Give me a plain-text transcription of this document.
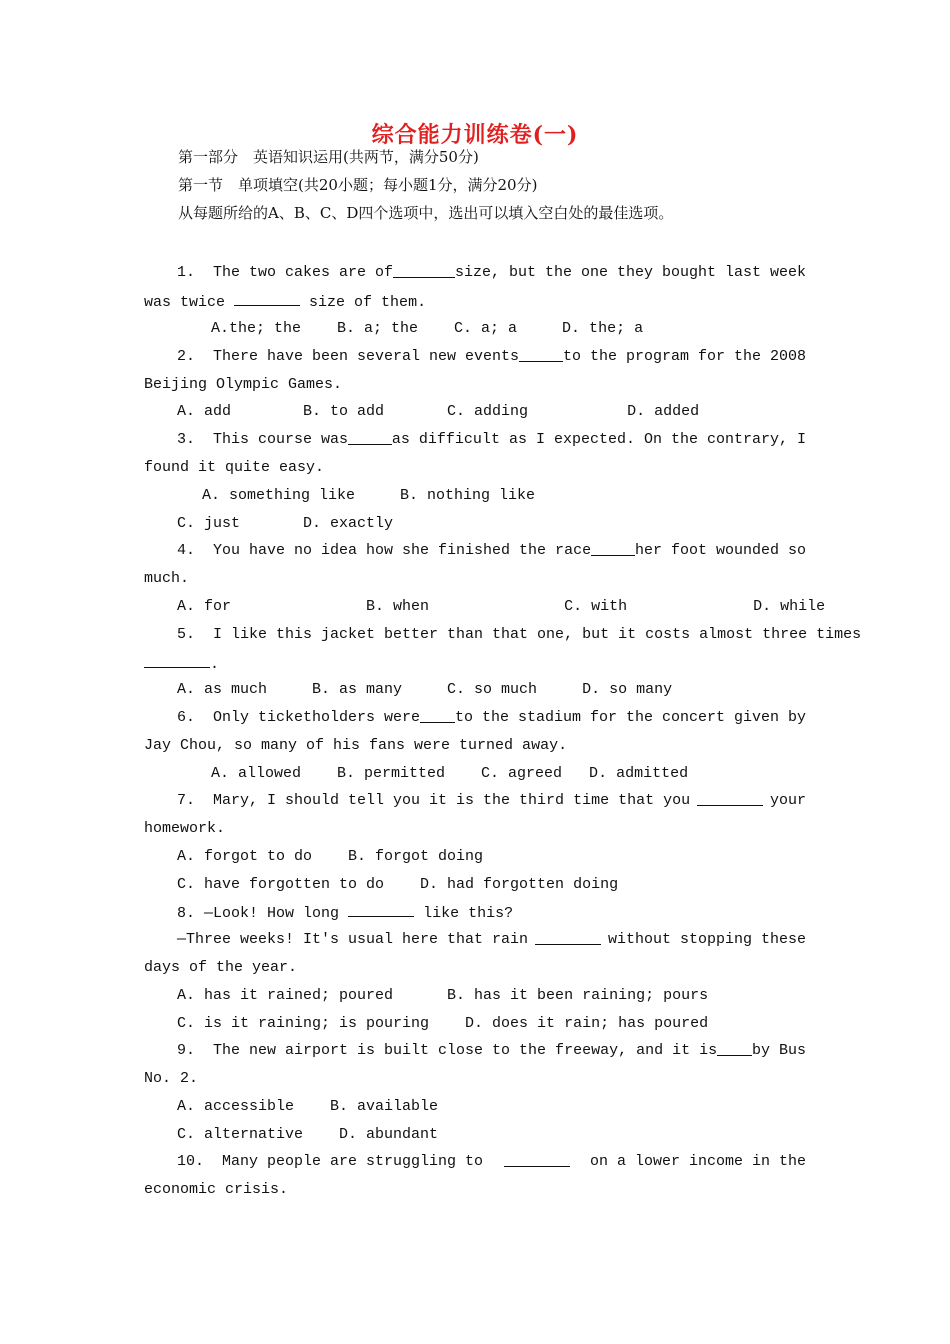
综合能力训练卷(一)
第一部分　英语知识运用(共两节，满分50分)
第一节　单项填空(共20小题；每小题1分，满分20分)
从每题所给的A、B、C、D四个选项中，选出可以填入空白处的最佳选项。
1.  The two cakes are of	size, but the one they bought last week
was twice	size of them.
A.the; the    B. a; the    C. a; a     D. the; a
2.  There have been several new events	to the program for the 2008
Beijing Olympic Games.
A. add        B. to add       C. adding           D. added
3.  This course was	as difficult as I expected. On the contrary, I
found it quite easy.
A. something like     B. nothing like
C. just       D. exactly
4.  You have no idea how she finished the race	her foot wounded so
much.
A. for               B. when               C. with              D. while
5.  I like this jacket better than that one, but it costs almost three times
.
A. as much     B. as many     C. so much     D. so many
6.  Only ticketholders were to the stadium for the concert given by
Jay Chou, so many of his fans were turned away.
A. allowed    B. permitted    C. agreed   D. admitted
7.  Mary, I should tell you it is the third time that you	your
homework.
A. forgot to do    B. forgot doing
C. have forgotten to do    D. had forgotten doing
8. —Look! How long	like this?
—Three weeks! It's usual here that rain	without stopping these
days of the year.
A. has it rained; poured      B. has it been raining; pours
C. is it raining; is pouring    D. does it rain; has poured
9.  The new airport is built close to the freeway, and it is by Bus
No. 2.
A. accessible    B. available
C. alternative    D. abundant
10.  Many people are struggling to	on a lower income in the
economic crisis.
